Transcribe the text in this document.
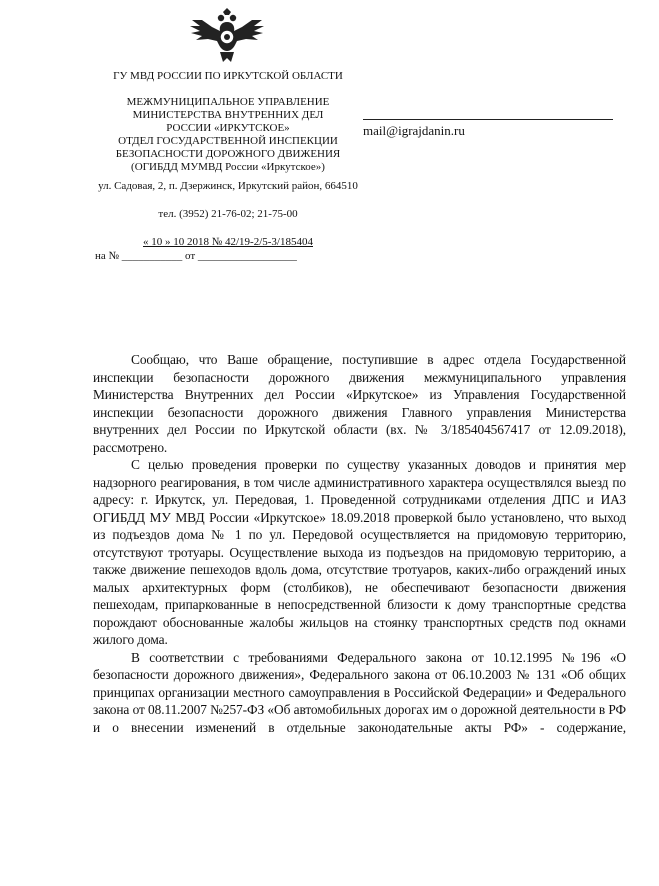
ГУ МВД РОССИИ ПО ИРКУТСКОЙ ОБЛАСТИ
МЕЖМУНИЦИПАЛЬНОЕ УПРАВЛЕНИЕ
МИНИСТЕРСТВА ВНУТРЕННИХ ДЕЛ
РОССИИ «ИРКУТСКОЕ»
ОТДЕЛ ГОСУДАРСТВЕННОЙ ИНСПЕКЦИИ
БЕЗОПАСНОСТИ ДОРОЖНОГО ДВИЖЕНИЯ
(ОГИБДД МУМВД России «Иркутское»)
ул. Садовая, 2, п. Дзержинск, Иркутский район, 664510
тел. (3952) 21-76-02; 21-75-00
« 10 » 10 2018 № 42/19-2/5-3/185404
на № ___________ от __________________
mail@igrajdanin.ru

Сообщаю, что Ваше обращение, поступившие в адрес отдела Государственной инспекции безопасности дорожного движения межмуниципального управления Министерства Внутренних дел России «Иркутское» из Управления Государственной инспекции безопасности дорожного движения Главного управления Министерства внутренних дел России по Иркутской области (вх. № 3/185404567417 от 12.09.2018), рассмотрено.

С целью проведения проверки по существу указанных доводов и принятия мер надзорного реагирования, в том числе административного характера осуществлялся выезд по адресу: г. Иркутск, ул. Передовая, 1. Проведенной сотрудниками отделения ДПС и ИАЗ ОГИБДД МУ МВД России «Иркутское» 18.09.2018 проверкой было установлено, что выход из подъездов дома № 1 по ул. Передовой осуществляется на придомовую территорию, отсутствуют тротуары. Осуществление выхода из подъездов на придомовую территорию, а также движение пешеходов вдоль дома, отсутствие тротуаров, каких-либо ограждений иных малых архитектурных форм (столбиков), не обеспечивают безопасности движения пешеходам, припаркованные в непосредственной близости к дому транспортные средства порождают обоснованные жалобы жильцов на стоянку транспортных средств под окнами жилого дома.

В соответствии с требованиями Федерального закона от 10.12.1995 №196 «О безопасности дорожного движения», Федерального закона от 06.10.2003 № 131 «Об общих принципах организации местного самоуправления в Российской Федерации» и Федерального закона от 08.11.2007 №257-ФЗ «Об автомобильных дорогах им о дорожной деятельности в РФ и о внесении изменений в отдельные законодательные акты РФ» - содержание,
